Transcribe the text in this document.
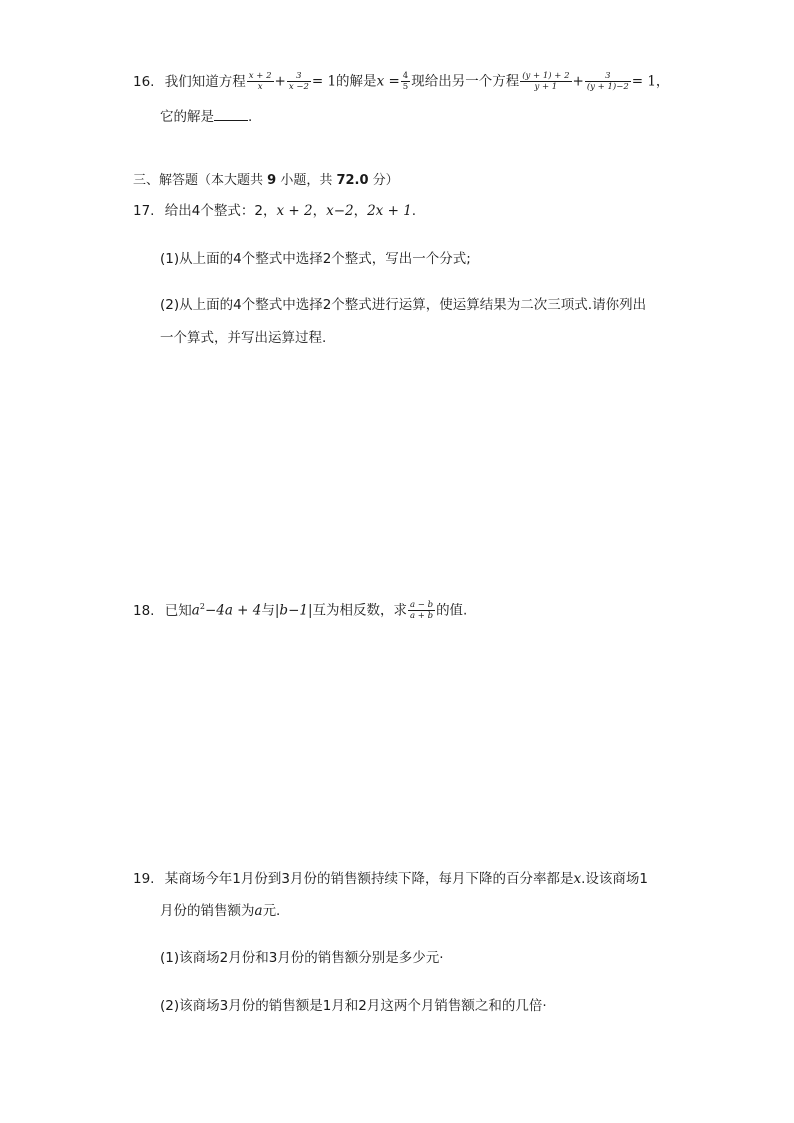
16. 我们知道方程 $\frac{x + 2}{x} + \frac{3}{x -2} = 1$的解是$x = \frac{4}{5}$ 现给出另一个方程 $\frac{(y + 1) + 2}{y + 1} + \frac{3}{(y + 1)-2} = 1$，
它的解是	.
三、解答题（本大题共 9 小题，共 72.0 分）
17. 给出4个整式：2，x + 2，x−2，2x + 1.
(1)从上面的4个整式中选择2个整式，写出一个分式;
(2)从上面的4个整式中选择2个整式进行运算，使运算结果为二次三项式.请你列出
一个算式，并写出运算过程.
18. 已知$a^2-4a + 4$与|b−1|互为相反数，求 $\frac{a - b}{a + b}$ 的值.
19. 某商场今年1月份到3月份的销售额持续下降，每月下降的百分率都是x.设该商场1
月份的销售额为a元.
(1)该商场2月份和3月份的销售额分别是多少元·
(2)该商场3月份的销售额是1月和2月这两个月销售额之和的几倍·
